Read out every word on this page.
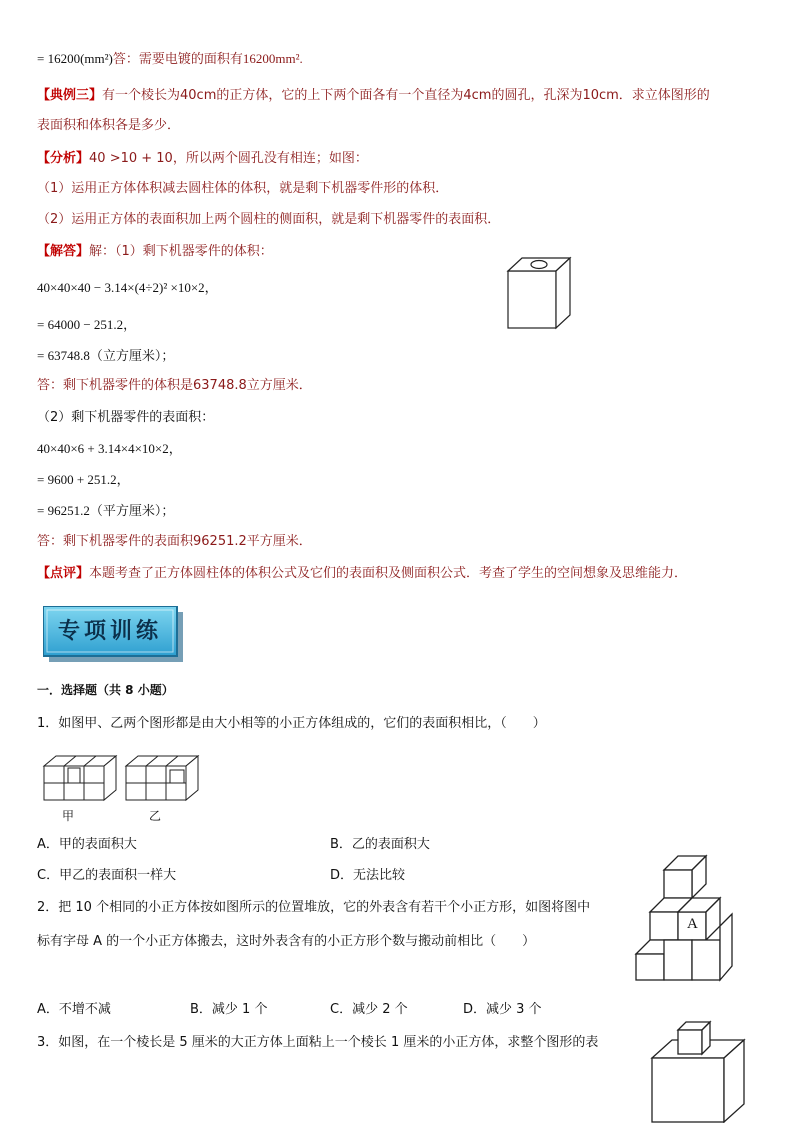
= 16200(mm²)答：需要电镀的面积有16200mm².
【典例三】有一个棱长为40cm的正方体，它的上下两个面各有一个直径为4cm的圆孔，孔深为10cm．求立体图形的
表面积和体积各是多少．
【分析】40 >10 + 10，所以两个圆孔没有相连；如图：
（1）运用正方体体积减去圆柱体的体积，就是剩下机器零件形的体积．
（2）运用正方体的表面积加上两个圆柱的侧面积，就是剩下机器零件的表面积．
【解答】解：（1）剩下机器零件的体积：
40×40×40 − 3.14×(4÷2)² ×10×2，
= 64000 − 251.2，
= 63748.8（立方厘米）；
答：剩下机器零件的体积是63748.8立方厘米．
（2）剩下机器零件的表面积：
40×40×6 + 3.14×4×10×2，
= 9600 + 251.2，
= 96251.2（平方厘米）；
答：剩下机器零件的表面积96251.2平方厘米．
【点评】本题考查了正方体圆柱体的体积公式及它们的表面积及侧面积公式．考查了学生的空间想象及思维能力．
专项训练
一．选择题（共 8 小题）
1．如图甲、乙两个图形都是由大小相等的小正方体组成的，它们的表面积相比，（　　）
甲	乙
A．甲的表面积大	B．乙的表面积大
C．甲乙的表面积一样大	D．无法比较
2．把 10 个相同的小正方体按如图所示的位置堆放，它的外表含有若干个小正方形，如图将图中
标有字母 A 的一个小正方体搬去，这时外表含有的小正方形个数与搬动前相比（　　）
A
A．不增不减	B．减少 1 个	C．减少 2 个	D．减少 3 个
3．如图，在一个棱长是 5 厘米的大正方体上面粘上一个棱长 1 厘米的小正方体，求整个图形的表
